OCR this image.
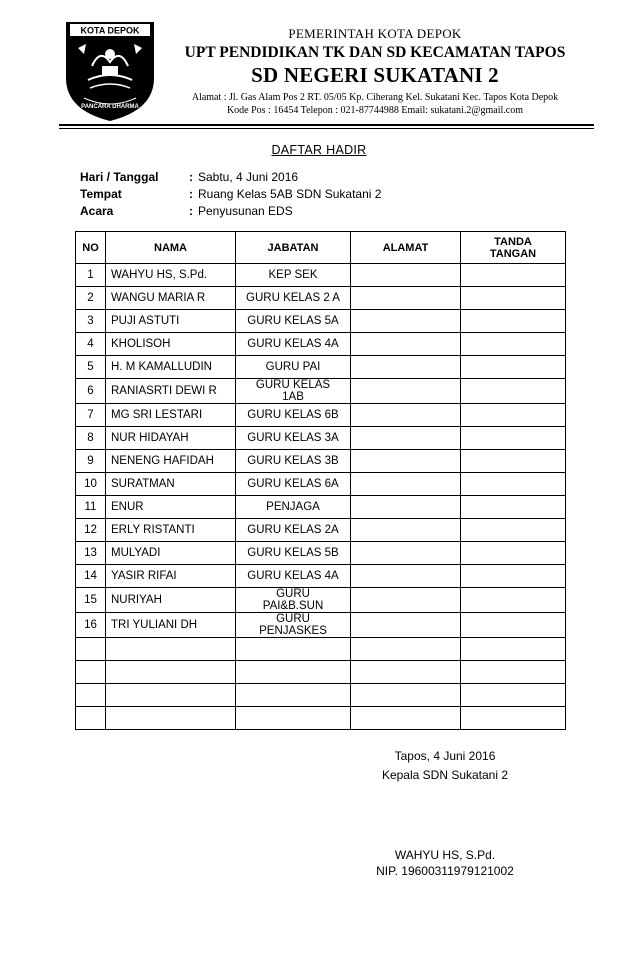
KOTA DEPOK
PANCARA DHARMA
PEMERINTAH KOTA DEPOK
UPT PENDIDIKAN TK DAN SD KECAMATAN TAPOS
SD NEGERI SUKATANI 2
Alamat : Jl. Gas Alam Pos 2 RT. 05/05 Kp. Ciherang Kel. Sukatani Kec. Tapos Kota Depok
Kode Pos : 16454 Telepon : 021-87744988 Email: sukatani.2@gmail.com
DAFTAR HADIR
Hari / Tanggal	: Sabtu, 4 Juni 2016
Tempat	: Ruang Kelas 5AB SDN Sukatani 2
Acara	: Penyusunan EDS
NO	NAMA	JABATAN	ALAMAT	TANDA
TANGAN

1	WAHYU HS, S.Pd.	KEP SEK		

2	WANGU MARIA R	GURU KELAS 2 A		

3	PUJI ASTUTI	GURU KELAS 5A		

4	KHOLISOH	GURU KELAS 4A		

5	H. M KAMALLUDIN	GURU PAI		

6	RANIASRTI DEWI R	GURU KELAS
1AB		

7	MG SRI LESTARI	GURU KELAS 6B		

8	NUR HIDAYAH	GURU KELAS 3A		

9	NENENG HAFIDAH	GURU KELAS 3B		

10	SURATMAN	GURU KELAS 6A		

11	ENUR	PENJAGA		

12	ERLY RISTANTI	GURU KELAS 2A		

13	MULYADI	GURU KELAS 5B		

14	YASIR RIFAI	GURU KELAS 4A		

15	NURIYAH	GURU
PAI&B.SUN		

16	TRI YULIANI DH	GURU
PENJASKES		

Tapos, 4 Juni 2016
Kepala SDN Sukatani 2
WAHYU HS, S.Pd.
NIP. 19600311979121002
